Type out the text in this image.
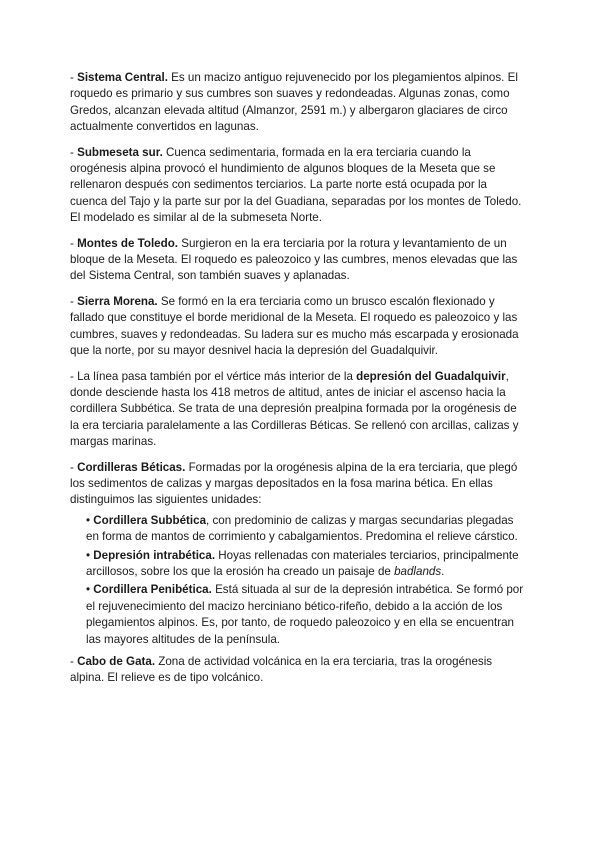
- Sistema Central. Es un macizo antiguo rejuvenecido por los plegamientos alpinos. El roquedo es primario y sus cumbres son suaves y redondeadas. Algunas zonas, como Gredos, alcanzan elevada altitud (Almanzor, 2591 m.) y albergaron glaciares de circo actualmente convertidos en lagunas.

- Submeseta sur. Cuenca sedimentaria, formada en la era terciaria cuando la orogénesis alpina provocó el hundimiento de algunos bloques de la Meseta que se rellenaron después con sedimentos terciarios. La parte norte está ocupada por la cuenca del Tajo y la parte sur por la del Guadiana, separadas por los montes de Toledo. El modelado es similar al de la submeseta Norte.

- Montes de Toledo. Surgieron en la era terciaria por la rotura y levantamiento de un bloque de la Meseta. El roquedo es paleozoico y las cumbres, menos elevadas que las del Sistema Central, son también suaves y aplanadas.

- Sierra Morena. Se formó en la era terciaria como un brusco escalón flexionado y fallado que constituye el borde meridional de la Meseta. El roquedo es paleozoico y las cumbres, suaves y redondeadas. Su ladera sur es mucho más escarpada y erosionada que la norte, por su mayor desnivel hacia la depresión del Guadalquivir.

- La línea pasa también por el vértice más interior de la depresión del Guadalquivir, donde desciende hasta los 418 metros de altitud, antes de iniciar el ascenso hacia la cordillera Subbética. Se trata de una depresión prealpina formada por la orogénesis de la era terciaria paralelamente a las Cordilleras Béticas. Se rellenó con arcillas, calizas y margas marinas.

- Cordilleras Béticas. Formadas por la orogénesis alpina de la era terciaria, que plegó los sedimentos de calizas y margas depositados en la fosa marina bética. En ellas distinguimos las siguientes unidades:

• Cordillera Subbética, con predominio de calizas y margas secundarias plegadas en forma de mantos de corrimiento y cabalgamientos. Predomina el relieve cárstico.

• Depresión intrabética. Hoyas rellenadas con materiales terciarios, principalmente arcillosos, sobre los que la erosión ha creado un paisaje de badlands.

• Cordillera Penibética. Está situada al sur de la depresión intrabética. Se formó por el rejuvenecimiento del macizo herciniano bético-rifeño, debido a la acción de los plegamientos alpinos. Es, por tanto, de roquedo paleozoico y en ella se encuentran las mayores altitudes de la península.

- Cabo de Gata. Zona de actividad volcánica en la era terciaria, tras la orogénesis alpina. El relieve es de tipo volcánico.
